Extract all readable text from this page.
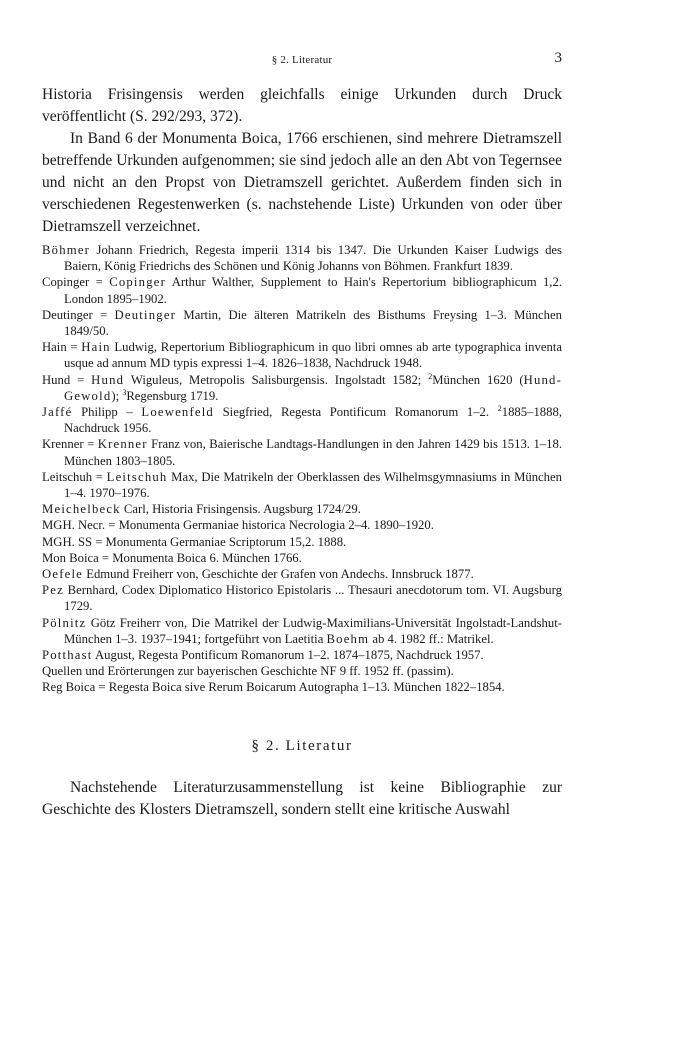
§ 2. Literatur	3

Historia Frisingensis werden gleichfalls einige Urkunden durch Druck veröffentlicht (S. 292/293, 372).

In Band 6 der Monumenta Boica, 1766 erschienen, sind mehrere Dietramszell betreffende Urkunden aufgenommen; sie sind jedoch alle an den Abt von Tegernsee und nicht an den Propst von Dietramszell gerichtet. Außerdem finden sich in verschiedenen Regestenwerken (s. nachstehende Liste) Urkunden von oder über Dietramszell verzeichnet.

Böhmer Johann Friedrich, Regesta imperii 1314 bis 1347. Die Urkunden Kaiser Ludwigs des Baiern, König Friedrichs des Schönen und König Johanns von Böhmen. Frankfurt 1839.
Copinger = Copinger Arthur Walther, Supplement to Hain's Repertorium bibliographicum 1,2. London 1895–1902.
Deutinger = Deutinger Martin, Die älteren Matrikeln des Bisthums Freysing 1–3. München 1849/50.
Hain = Hain Ludwig, Repertorium Bibliographicum in quo libri omnes ab arte typographica inventa usque ad annum MD typis expressi 1–4. 1826–1838, Nachdruck 1948.
Hund = Hund Wiguleus, Metropolis Salisburgensis. Ingolstadt 1582; $^2$München 1620 (Hund-Gewold); $^3$Regensburg 1719.
Jaffé Philipp – Loewenfeld Siegfried, Regesta Pontificum Romanorum 1–2. $^2$1885–1888, Nachdruck 1956.
Krenner = Krenner Franz von, Baierische Landtags-Handlungen in den Jahren 1429 bis 1513. 1–18. München 1803–1805.
Leitschuh = Leitschuh Max, Die Matrikeln der Oberklassen des Wilhelmsgymnasiums in München 1–4. 1970–1976.
Meichelbeck Carl, Historia Frisingensis. Augsburg 1724/29.
MGH. Necr. = Monumenta Germaniae historica Necrologia 2–4. 1890–1920.
MGH. SS = Monumenta Germaniae Scriptorum 15,2. 1888.
Mon Boica = Monumenta Boica 6. München 1766.
Oefele Edmund Freiherr von, Geschichte der Grafen von Andechs. Innsbruck 1877.
Pez Bernhard, Codex Diplomatico Historico Epistolaris ... Thesauri anecdotorum tom. VI. Augsburg 1729.
Pölnitz Götz Freiherr von, Die Matrikel der Ludwig-Maximilians-Universität Ingolstadt-Landshut-München 1–3. 1937–1941; fortgeführt von Laetitia Boehm ab 4. 1982 ff.: Matrikel.
Potthast August, Regesta Pontificum Romanorum 1–2. 1874–1875, Nachdruck 1957.
Quellen und Erörterungen zur bayerischen Geschichte NF 9 ff. 1952 ff. (passim).
Reg Boica = Regesta Boica sive Rerum Boicarum Autographa 1–13. München 1822–1854.
§ 2. Literatur
Nachstehende Literaturzusammenstellung ist keine Bibliographie zur Geschichte des Klosters Dietramszell, sondern stellt eine kritische Auswahl
